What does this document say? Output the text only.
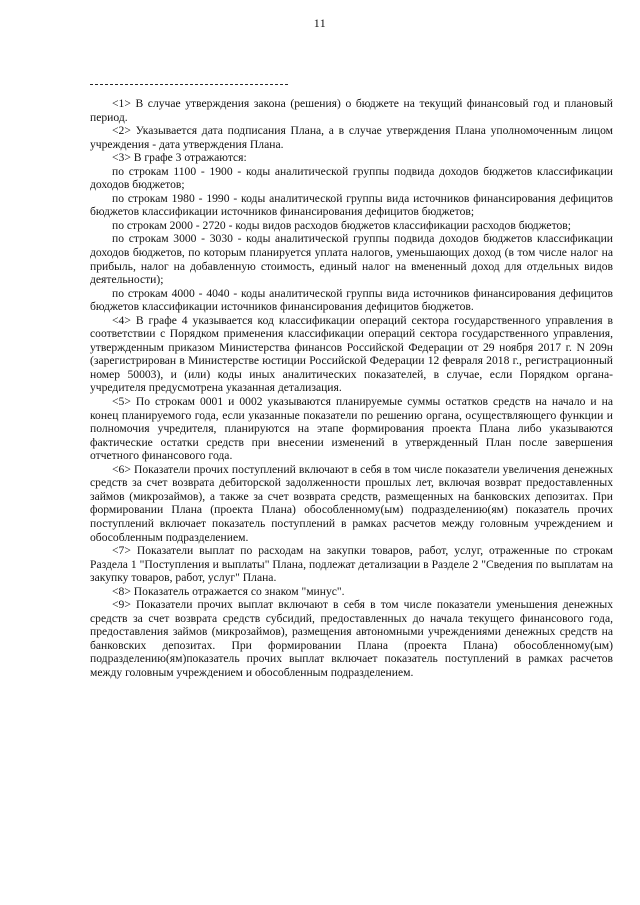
11

<1> В случае утверждения закона (решения) о бюджете на текущий финансовый год и плановый период.

<2> Указывается дата подписания Плана, а в случае утверждения Плана уполномоченным лицом учреждения - дата утверждения Плана.

<3> В графе 3 отражаются:

по строкам 1100 - 1900 - коды аналитической группы подвида доходов бюджетов классификации доходов бюджетов;

по строкам 1980 - 1990 - коды аналитической группы вида источников финансирования дефицитов бюджетов классификации источников финансирования дефицитов бюджетов;

по строкам 2000 - 2720 - коды видов расходов бюджетов классификации расходов бюджетов;

по строкам 3000 - 3030 - коды аналитической группы подвида доходов бюджетов классификации доходов бюджетов, по которым планируется уплата налогов, уменьшающих доход (в том числе налог на прибыль, налог на добавленную стоимость, единый налог на вмененный доход для отдельных видов деятельности);

по строкам 4000 - 4040 - коды аналитической группы вида источников финансирования дефицитов бюджетов классификации источников финансирования дефицитов бюджетов.

<4> В графе 4 указывается код классификации операций сектора государственного управления в соответствии с Порядком применения классификации операций сектора государственного управления, утвержденным приказом Министерства финансов Российской Федерации от 29 ноября 2017 г. N 209н (зарегистрирован в Министерстве юстиции Российской Федерации 12 февраля 2018 г., регистрационный номер 50003), и (или) коды иных аналитических показателей, в случае, если Порядком органа-учредителя предусмотрена указанная детализация.

<5> По строкам 0001 и 0002 указываются планируемые суммы остатков средств на начало и на конец планируемого года, если указанные показатели по решению органа, осуществляющего функции и полномочия учредителя, планируются на этапе формирования проекта Плана либо указываются фактические остатки средств при внесении изменений в утвержденный План после завершения отчетного финансового года.

<6> Показатели прочих поступлений включают в себя в том числе показатели увеличения денежных средств за счет возврата дебиторской задолженности прошлых лет, включая возврат предоставленных займов (микрозаймов), а также за счет возврата средств, размещенных на банковских депозитах. При формировании Плана (проекта Плана) обособленному(ым) подразделению(ям) показатель прочих поступлений включает показатель поступлений в рамках расчетов между головным учреждением и обособленным подразделением.

<7> Показатели выплат по расходам на закупки товаров, работ, услуг, отраженные по строкам Раздела 1 "Поступления и выплаты" Плана, подлежат детализации в Разделе 2 "Сведения по выплатам на закупку товаров, работ, услуг" Плана.

<8> Показатель отражается со знаком "минус".

<9> Показатели прочих выплат включают в себя в том числе показатели уменьшения денежных средств за счет возврата средств субсидий, предоставленных до начала текущего финансового года, предоставления займов (микрозаймов), размещения автономными учреждениями денежных средств на банковских депозитах. При формировании Плана (проекта Плана) обособленному(ым) подразделению(ям)показатель прочих выплат включает показатель поступлений в рамках расчетов между головным учреждением и обособленным подразделением.
